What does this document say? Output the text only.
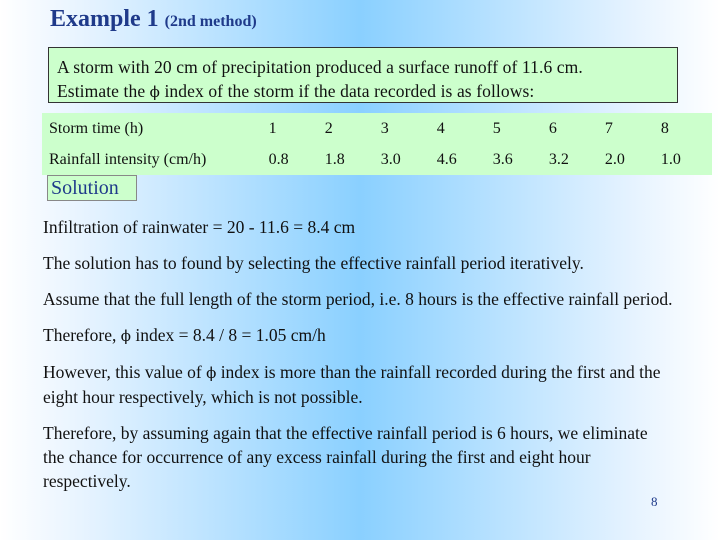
Example 1 (2nd method)

A storm with 20 cm of precipitation produced a surface runoff of 11.6 cm.

Estimate the ϕ index of the storm if the data recorded is as follows:

Storm time (h)	1	2	3	4	5	6	7	8
Rainfall intensity (cm/h)	0.8	1.8	3.0	4.6	3.6	3.2	2.0	1.0
Solution

Infiltration of rainwater = 20 - 11.6 = 8.4 cm

The solution has to found by selecting the effective rainfall period iteratively.

Assume that the full length of the storm period, i.e. 8 hours is the effective rainfall period.

Therefore, ϕ index = 8.4 / 8 = 1.05 cm/h

However, this value of ϕ index is more than the rainfall recorded during the first and the eight hour respectively, which is not possible.

Therefore, by assuming again that the effective rainfall period is 6 hours, we eliminate the chance for occurrence of any excess rainfall during the first and eight hour respectively.

8
